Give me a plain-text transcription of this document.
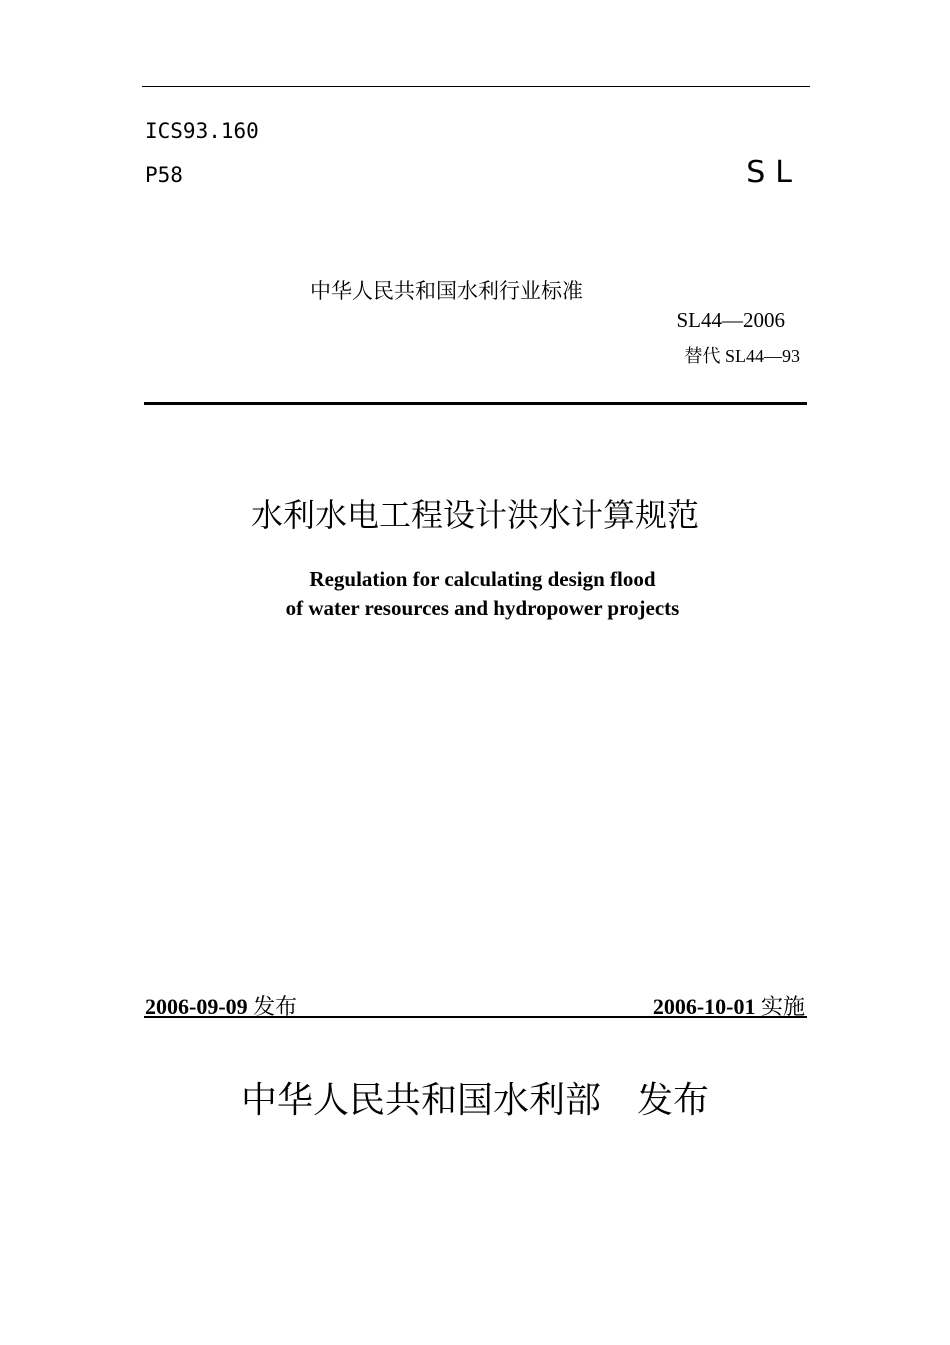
ICS93.160
P58	SL
中华人民共和国水利行业标准
SL44—2006
替代 SL44—93
水利水电工程设计洪水计算规范
Regulation for calculating design flood
of water resources and hydropower projects
2006-09-09 发布	2006-10-01 实施
中华人民共和国水利部　发布
